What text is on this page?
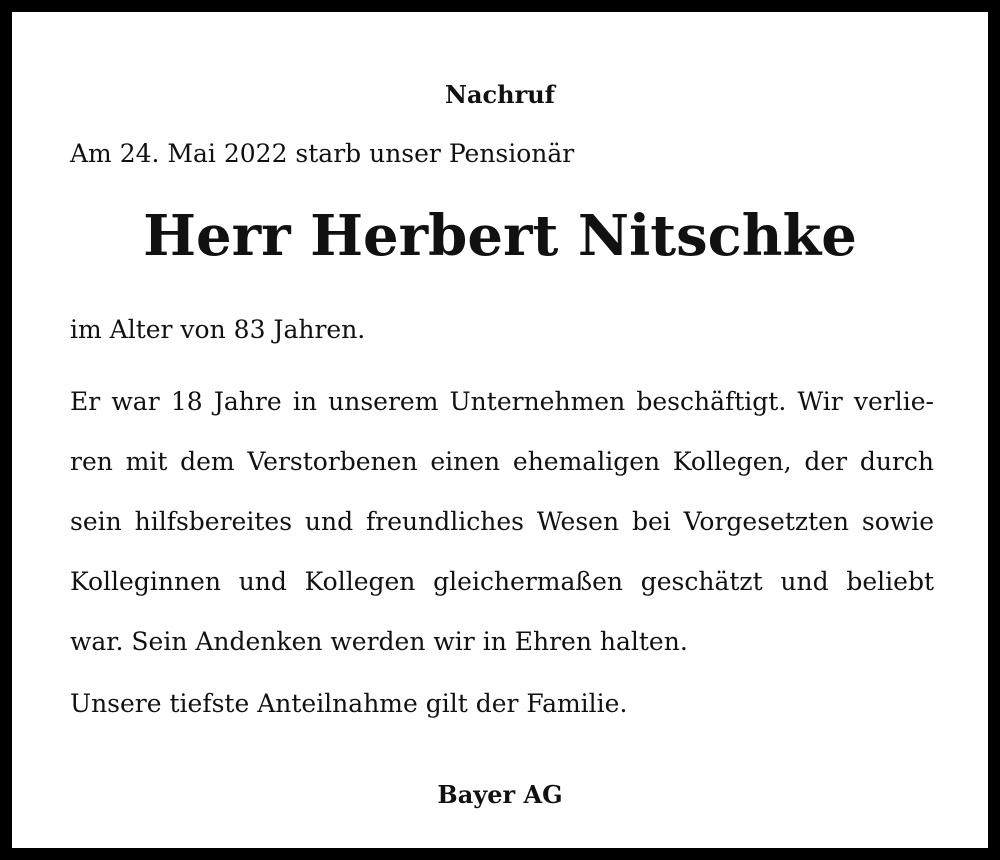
Nachruf
Am 24. Mai 2022 starb unser Pensionär
Herr Herbert Nitschke
im Alter von 83 Jahren.
Er war 18 Jahre in unserem Unternehmen beschäftigt. Wir verlie-
ren mit dem Verstorbenen einen ehemaligen Kollegen, der durch
sein hilfsbereites und freundliches Wesen bei Vorgesetzten sowie
Kolleginnen und Kollegen gleichermaßen geschätzt und beliebt
war. Sein Andenken werden wir in Ehren halten.
Unsere tiefste Anteilnahme gilt der Familie.
Bayer AG
